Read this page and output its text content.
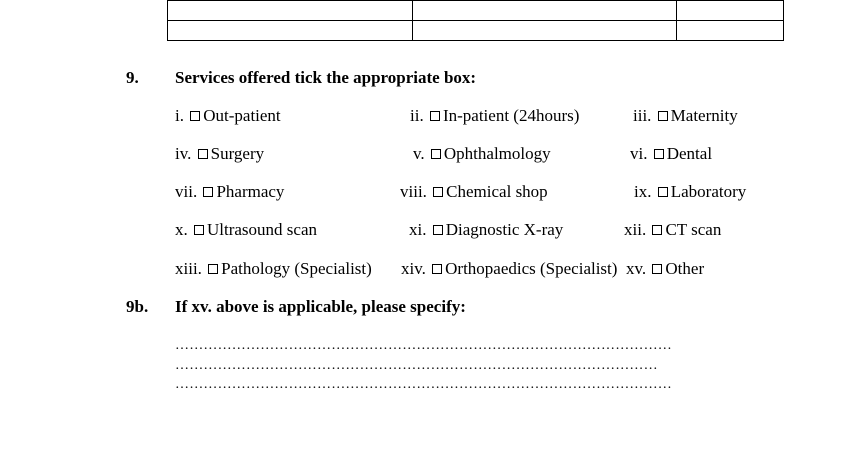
9. Services offered tick the appropriate box:
i. Out-patient	ii. In-patient (24hours)	iii. Maternity
iv. Surgery	v. Ophthalmology	vi. Dental
vii. Pharmacy	viii. Chemical shop	ix. Laboratory
x. Ultrasound scan	xi. Diagnostic X-ray	xii. CT scan
xiii. Pathology (Specialist) xiv. Orthopaedics (Specialist) xv. Other
9b. If xv. above is applicable, please specify:
……………………………………………………………………………………………
…………………………………………………………………………………………
……………………………………………………………………………………………
